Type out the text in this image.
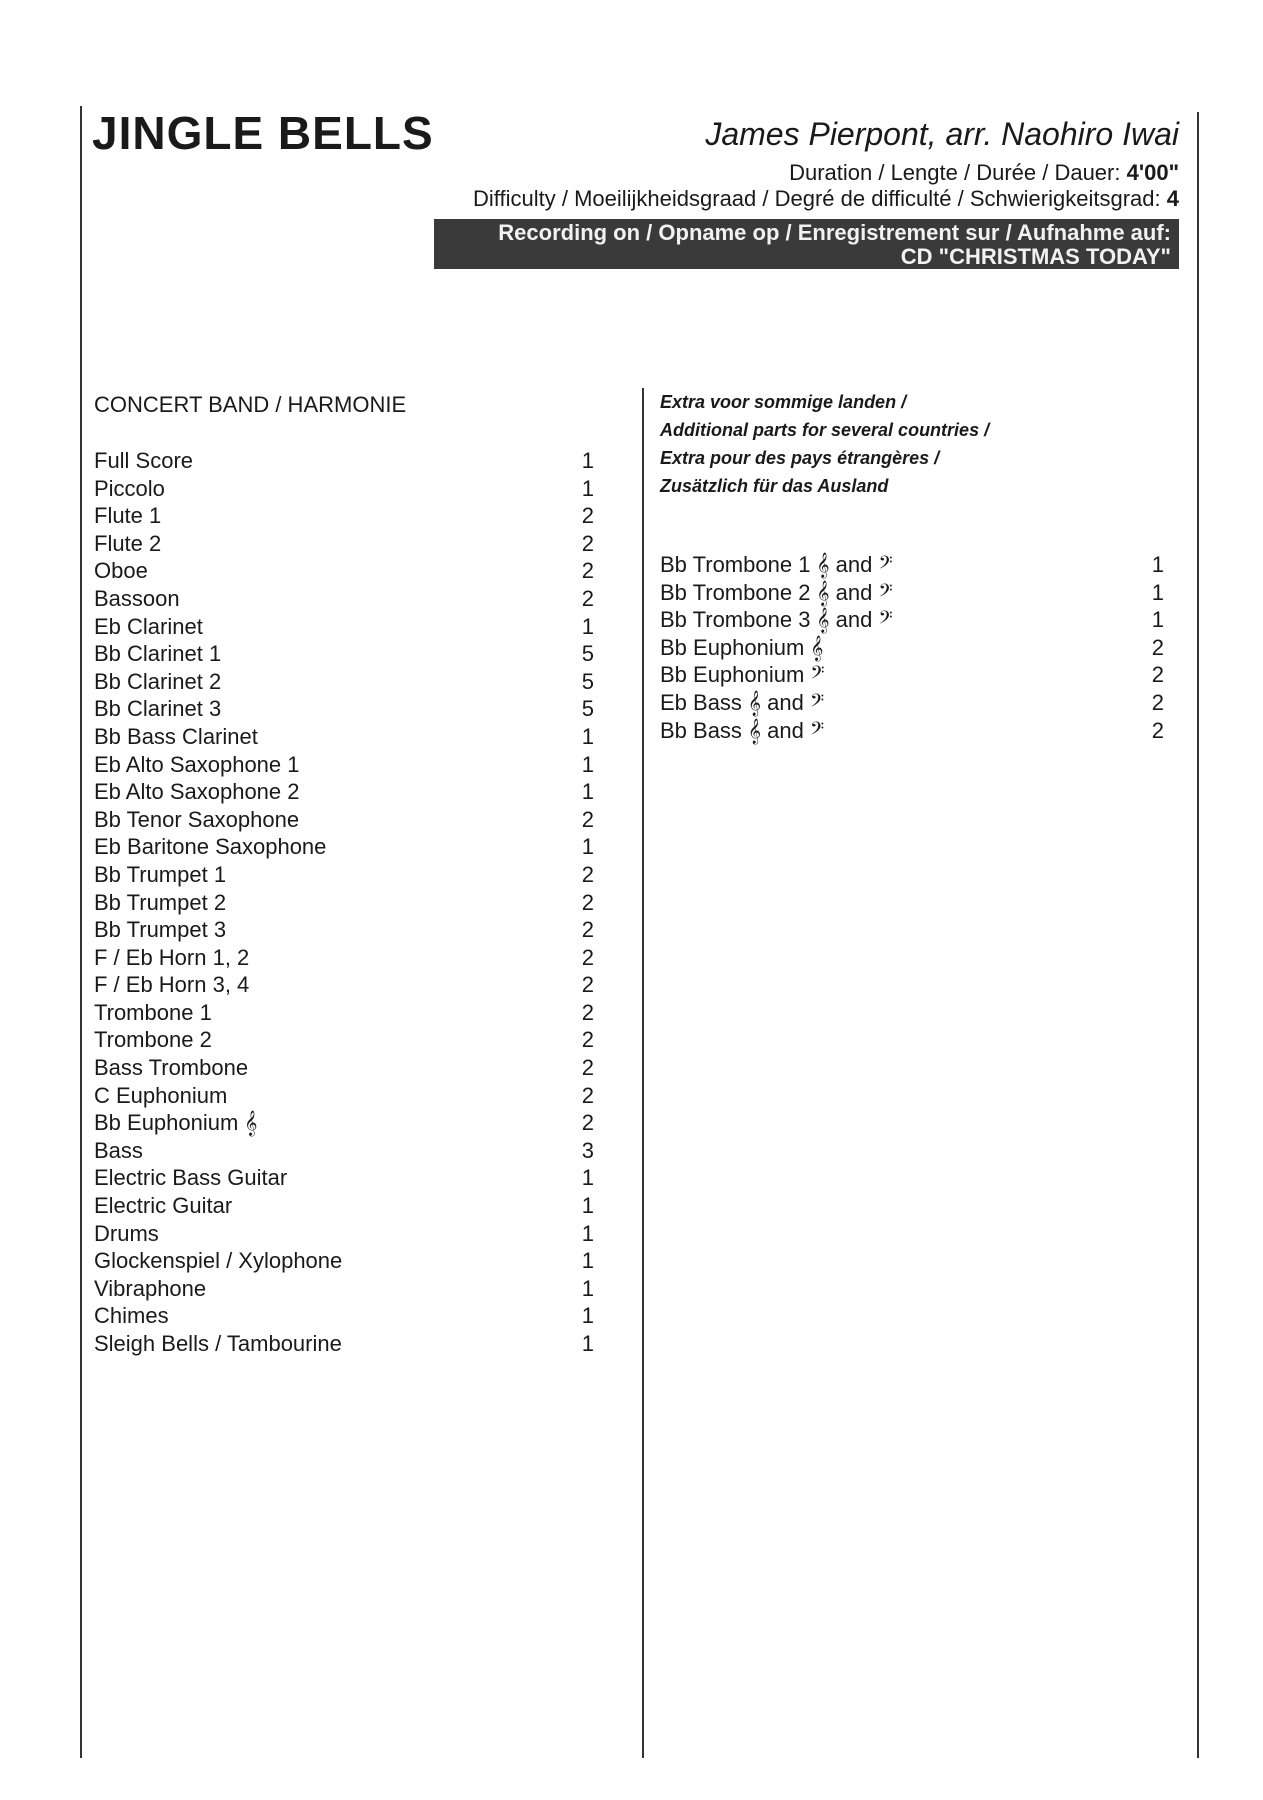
JINGLE BELLS	James Pierpont, arr. Naohiro Iwai
Duration / Lengte / Durée / Dauer: 4'00"
Difficulty / Moeilijkheidsgraad / Degré de difficulté / Schwierigkeitsgrad: 4
Recording on / Opname op / Enregistrement sur / Aufnahme auf:
CD "CHRISTMAS TODAY"
CONCERT BAND / HARMONIE
Full Score	1
Piccolo	1
Flute 1	2
Flute 2	2
Oboe	2
Bassoon	2
Eb Clarinet	1
Bb Clarinet 1	5
Bb Clarinet 2	5
Bb Clarinet 3	5
Bb Bass Clarinet	1
Eb Alto Saxophone 1	1
Eb Alto Saxophone 2	1
Bb Tenor Saxophone	2
Eb Baritone Saxophone	1
Bb Trumpet 1	2
Bb Trumpet 2	2
Bb Trumpet 3	2
F / Eb Horn 1, 2	2
F / Eb Horn 3, 4	2
Trombone 1	2
Trombone 2	2
Bass Trombone	2
C Euphonium	2
Bb Euphonium 𝄞	2
Bass	3
Electric Bass Guitar	1
Electric Guitar	1
Drums	1
Glockenspiel / Xylophone	1
Vibraphone	1
Chimes	1
Sleigh Bells / Tambourine	1
Extra voor sommige landen /
Additional parts for several countries /
Extra pour des pays étrangères /
Zusätzlich für das Ausland
Bb Trombone 1 𝄞 and 𝄢	1
Bb Trombone 2 𝄞 and 𝄢	1
Bb Trombone 3 𝄞 and 𝄢	1
Bb Euphonium 𝄞	2
Bb Euphonium 𝄢	2
Eb Bass 𝄞 and 𝄢	2
Bb Bass 𝄞 and 𝄢	2
